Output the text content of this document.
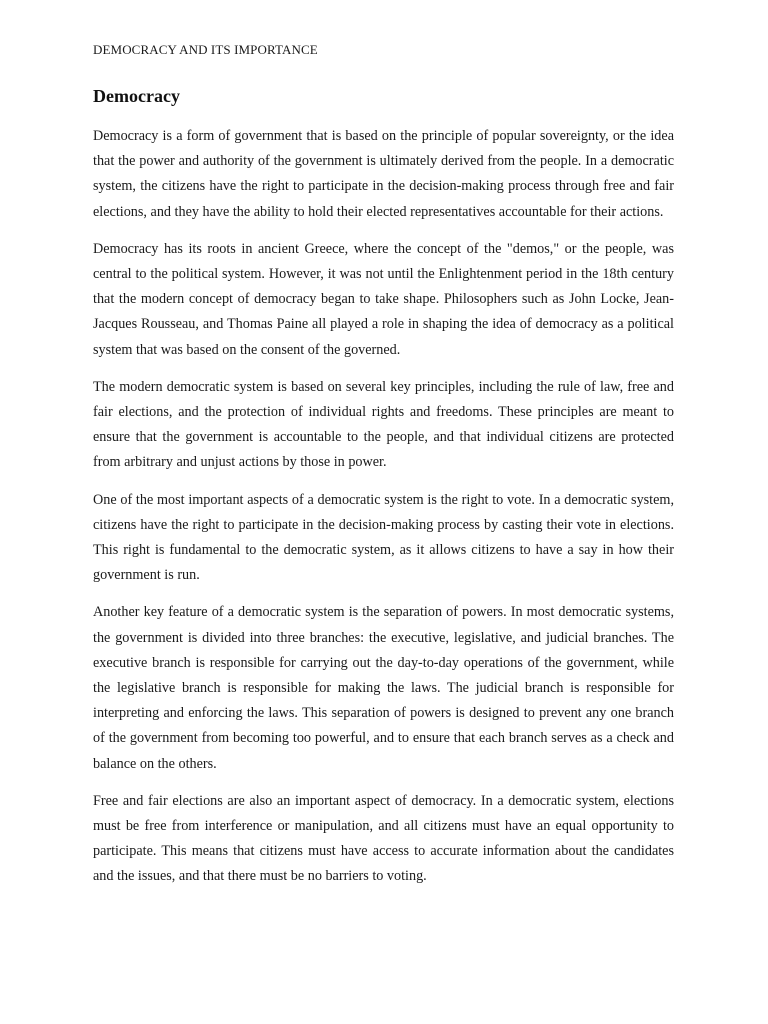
DEMOCRACY AND ITS IMPORTANCE
Democracy

Democracy is a form of government that is based on the principle of popular sovereignty, or the idea that the power and authority of the government is ultimately derived from the people. In a democratic system, the citizens have the right to participate in the decision-making process through free and fair elections, and they have the ability to hold their elected representatives accountable for their actions.

Democracy has its roots in ancient Greece, where the concept of the "demos," or the people, was central to the political system. However, it was not until the Enlightenment period in the 18th century that the modern concept of democracy began to take shape. Philosophers such as John Locke, Jean-Jacques Rousseau, and Thomas Paine all played a role in shaping the idea of democracy as a political system that was based on the consent of the governed.

The modern democratic system is based on several key principles, including the rule of law, free and fair elections, and the protection of individual rights and freedoms. These principles are meant to ensure that the government is accountable to the people, and that individual citizens are protected from arbitrary and unjust actions by those in power.

One of the most important aspects of a democratic system is the right to vote. In a democratic system, citizens have the right to participate in the decision-making process by casting their vote in elections. This right is fundamental to the democratic system, as it allows citizens to have a say in how their government is run.

Another key feature of a democratic system is the separation of powers. In most democratic systems, the government is divided into three branches: the executive, legislative, and judicial branches. The executive branch is responsible for carrying out the day-to-day operations of the government, while the legislative branch is responsible for making the laws. The judicial branch is responsible for interpreting and enforcing the laws. This separation of powers is designed to prevent any one branch of the government from becoming too powerful, and to ensure that each branch serves as a check and balance on the others.

Free and fair elections are also an important aspect of democracy. In a democratic system, elections must be free from interference or manipulation, and all citizens must have an equal opportunity to participate. This means that citizens must have access to accurate information about the candidates and the issues, and that there must be no barriers to voting.
